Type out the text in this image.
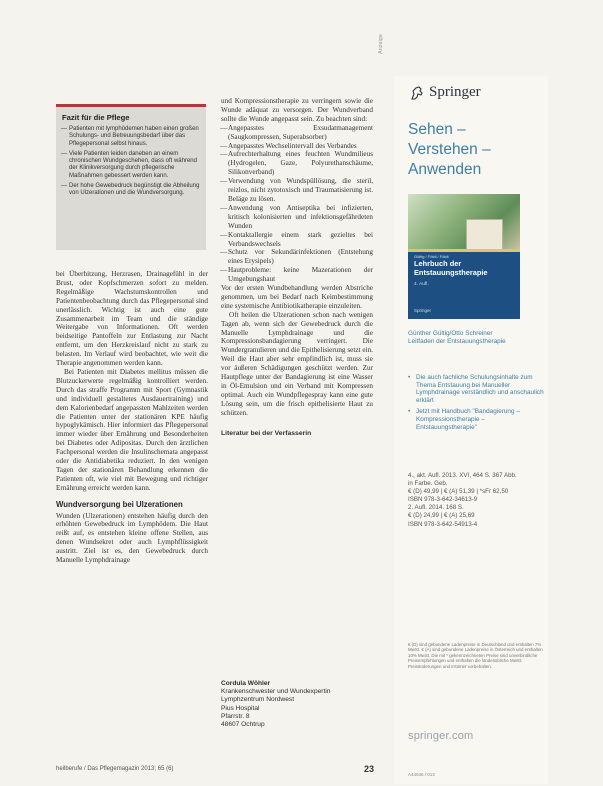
Fazit für die Pflege
— Patienten mit lymphödemen haben einen großen Schulungs- und Betreuungsbedarf über das Pflegepersonal selbst hinaus.
— Viele Patienten leiden daneben an einem chronischen Wundgeschehen, dass oft während der Klinikversorgung durch pflegerische Maßnahmen gebessert werden kann.
— Der hohe Gewebedruck begünstigt die Abheilung von Ulzerationen und die Wundversorgung.

bei Überhitzung, Herzrasen, Drainagefühl in der Brust, oder Kopfschmerzen sofort zu melden. Regelmäßige Wachstumskontrollen und Patientenbeobachtung durch das Pflegepersonal sind unerlässlich. Wichtig ist auch eine gute Zusammenarbeit im Team und die ständige Weitergabe von Informationen. Oft werden beidseitige Pantoffeln zur Entlastung zur Nacht entfernt, um den Herzkreislauf nicht zu stark zu belasten. Im Verlauf wird beobachtet, wie weit die Therapie angenommen werden kann.

Bei Patienten mit Diabetes mellitus müssen die Blutzuckerwerte regelmäßig kontrolliert werden. Durch das straffe Programm mit Sport (Gymnastik und individuell gestaltetes Ausdauertraining) und dem Kalorienbedarf angepassten Mahlzeiten werden die Patienten unter der stationären KPE häufig hypoglykämisch. Hier informiert das Pflegepersonal immer wieder über Ernährung und Besonderheiten bei Diabetes oder Adipositas. Durch den ärztlichen Fachpersonal werden die Insulinschemata angepasst oder die Antidiabetika reduziert. In den wenigen Tagen der stationären Behandlung erkennen die Patienten oft, wie viel mit Bewegung und richtiger Ernährung erreicht werden kann.

Wundversorgung bei Ulzerationen

Wunden (Ulzerationen) entstehen häufig durch den erhöhten Gewebedruck im Lymphödem. Die Haut reißt auf, es entstehen kleine offene Stellen, aus denen Wundsekret oder auch Lymphflüssigkeit austritt. Ziel ist es, den Gewebedruck durch Manuelle Lymphdrainage

und Kompressionstherapie zu verringern sowie die Wunde adäquat zu versorgen. Der Wundverband sollte die Wunde angepasst sein. Zu beachten sind:

— Angepasstes Exsudatmanagement (Saugkompressen, Superabsorber)
— Angepasstes Wechselintervall des Verbandes
— Aufrechterhaltung eines feuchten Wundmilieus (Hydrogelen, Gaze, Polyurethanschäume, Silikonverband)
— Verwendung von Wundspüllösung, die steril, reizlos, nicht zytotoxisch und Traumatisierung ist. Beläge zu lösen.
— Anwendung von Antiseptika bei infizierten, kritisch kolonisierten und infektionsgefährdeten Wunden
— Kontaktallergie einem stark gezieltes bei Verbandswechsels
— Schutz vor Sekundärinfektionen (Entstehung eines Erysipels)
— Hautprobleme: keine Mazerationen der Umgebungshaut

Vor der ersten Wundbehandlung werden Abstriche genommen, um bei Bedarf nach Keimbestimmung eine systemische Antibiotikatherapie einzuleiten.

Oft heilen die Ulzerationen schon nach wenigen Tagen ab, wenn sich der Gewebedruck durch die Manuelle Lymphdrainage und die Kompressionsbandagierung verringert. Die Wundergranulieren und die Epithelisierung setzt ein. Weil die Haut aber sehr empfindlich ist, muss sie vor äußeren Schädigungen geschützt werden. Zur Hautpflege unter der Bandagierung ist eine Wasser in Öl-Emulsion und ein Verband mit Kompressen optimal. Auch ein Wundpflegespray kann eine gute Lösung sein, um die frisch epithelisierte Haut zu schützen.

Literatur bei der Verfasserin
Cordula Wöhler
Krankenschwester und Wundexpertin
Lymphzentrum Nordwest
Pius Hospital
Pfarrstr. 8
48607 Ochtrup
heilberufe / Das Pflegemagazin 2013; 65 (6)	23
Anzeige
Springer
Sehen –
Verstehen –
Anwenden
Gültig / Földi / Földi
Lehrbuch der Entstauungstherapie
4. Aufl.
Springer
Günther Gültig/Otto Schreiner
Leitfaden der Entstauungstherapie
• Die auch fachliche Schulungsinhalte zum Thema Entstauung bei Manueller Lymphdrainage verständlich und anschaulich erklärt
• Jetzt mit Handbuch "Bandagierung – Kompressionstherapie – Entstauungstherapie"
4., akt. Aufl. 2013. XVI, 464 S. 367 Abb.
in Farbe. Geb.
€ (D) 49,99 | € (A) 51,39 | *sFr 62,50
ISBN 978-3-642-34613-9
2. Aufl. 2014. 168 S.
€ (D) 24,99 | € (A) 25,69
ISBN 978-3-642-54913-4
€ (D) sind gebundene Ladenpreise in Deutschland und enthalten 7% MwSt. € (A) sind gebundene Ladenpreise in Österreich und enthalten 10% MwSt. Die mit * gekennzeichneten Preise sind unverbindliche Preisempfehlungen und enthalten die landesübliche MwSt. Preisänderungen und Irrtümer vorbehalten.
springer.com
A44046 / 013
